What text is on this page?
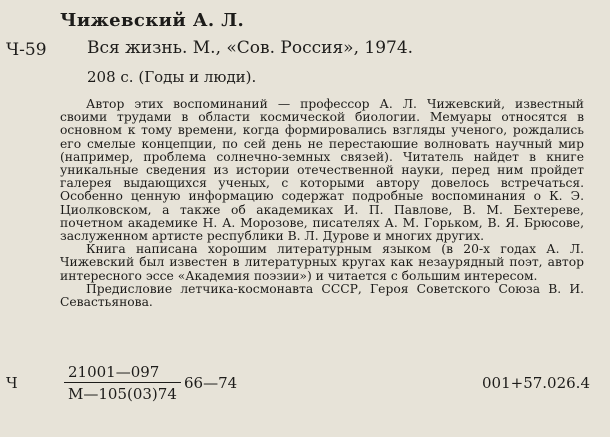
Чижевский А. Л.
Ч-59 Вся жизнь. М., «Сов. Россия», 1974.
208 с. (Годы и люди).

Автор этих воспоминаний — профессор А. Л. Чижевский, известный своими трудами в области космической биологии. Мемуары относятся в основном к тому времени, когда формировались взгляды ученого, рождались его смелые концепции, по сей день не перестаюшие волновать научный мир (например, проблема солнечно-земных связей). Читатель найдет в книге уникальные сведения из истории отечественной науки, перед ним пройдет галерея выдающихся ученых, с которыми автору довелось встречаться. Особенно ценную информацию содержат подробные воспоминания о К. Э. Циолковском, а также об академиках И. П. Павлове, В. М. Бехтереве, почетном академике Н. А. Морозове, писателях А. М. Горьком, В. Я. Брюсове, заслуженном артисте республики В. Л. Дурове и многих других.

Книга написана хорошим литературным языком (в 20-х годах А. Л. Чижевский был известен в литературных кругах как незаурядный поэт, автор интересного эссе «Академия поэзии») и читается с большим интересом.

Предисловие летчика-космонавта СССР, Героя Советского Союза В. И. Севастьянова.

Ч
21001—097
М—105(03)74
66—74	001+57.026.4
